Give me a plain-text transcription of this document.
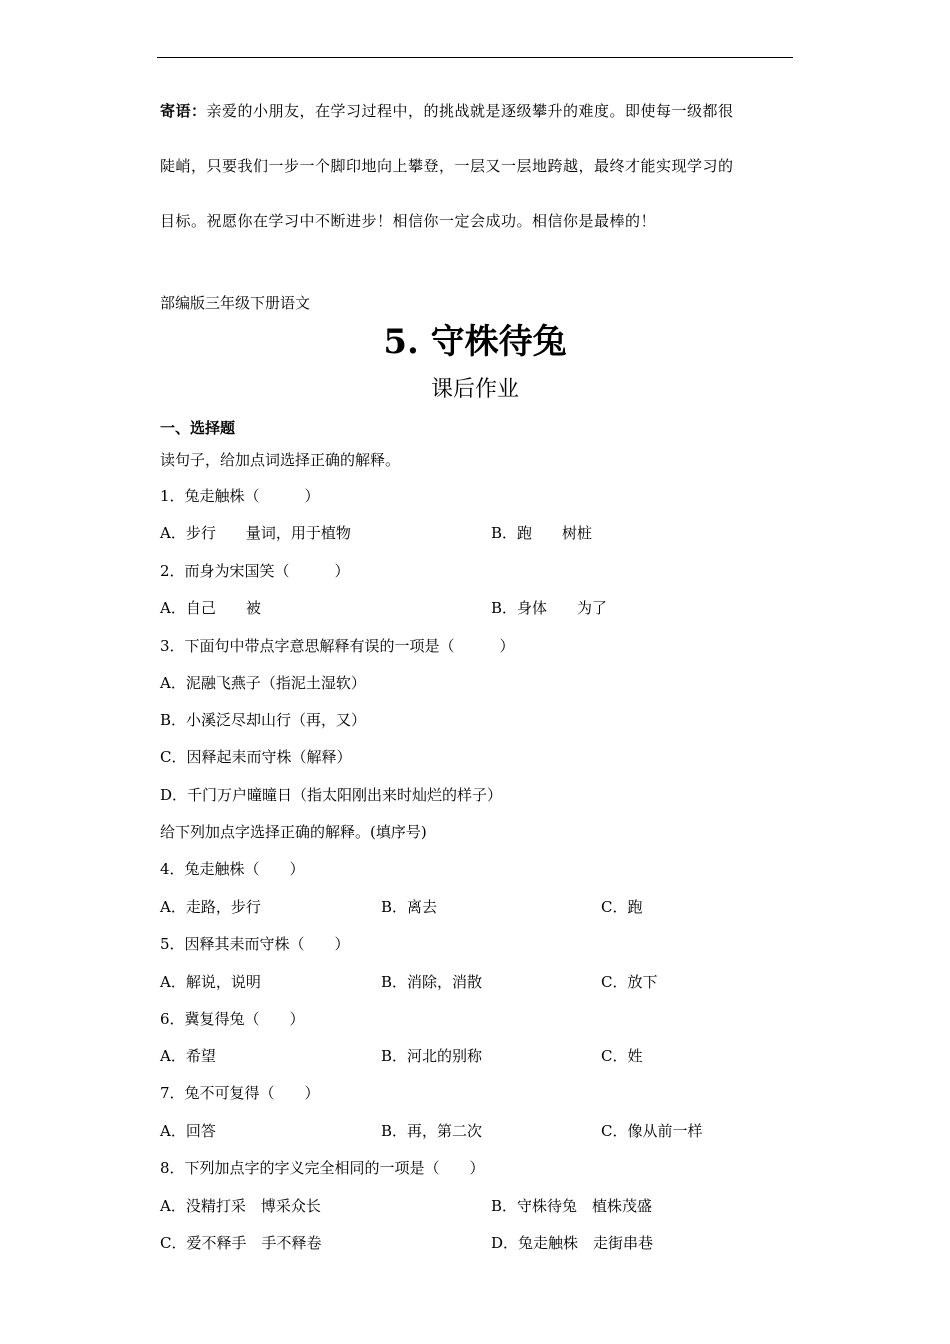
寄语：亲爱的小朋友，在学习过程中，的挑战就是逐级攀升的难度。即使每一级都很
陡峭，只要我们一步一个脚印地向上攀登，一层又一层地跨越，最终才能实现学习的
目标。祝愿你在学习中不断进步！相信你一定会成功。相信你是最棒的！
部编版三年级下册语文
5. 守株待兔
课后作业
一、选择题
读句子，给加点词选择正确的解释。
1．兔走触株（　　　）
A．步行　　量词，用于植物	B．跑　　树桩
2．而身为宋国笑（　　　）
A．自己　　被	B．身体　　为了
3．下面句中带点字意思解释有误的一项是（　　　）
A．泥融飞燕子（指泥土湿软）
B．小溪泛尽却山行（再，又）
C．因释起耒而守株（解释）
D．千门万户曈曈日（指太阳刚出来时灿烂的样子）
给下列加点字选择正确的解释。(填序号)
4．兔走触株（　　）
A．走路，步行	B．离去	C．跑
5．因释其耒而守株（　　）
A．解说，说明	B．消除，消散	C．放下
6．冀复得兔（　　）
A．希望	B．河北的别称	C．姓
7．兔不可复得（　　）
A．回答	B．再，第二次	C．像从前一样
8．下列加点字的字义完全相同的一项是（　　）
A．没精打采　博采众长	B．守株待兔　植株茂盛
C．爱不释手　手不释卷	D．兔走触株　走街串巷
